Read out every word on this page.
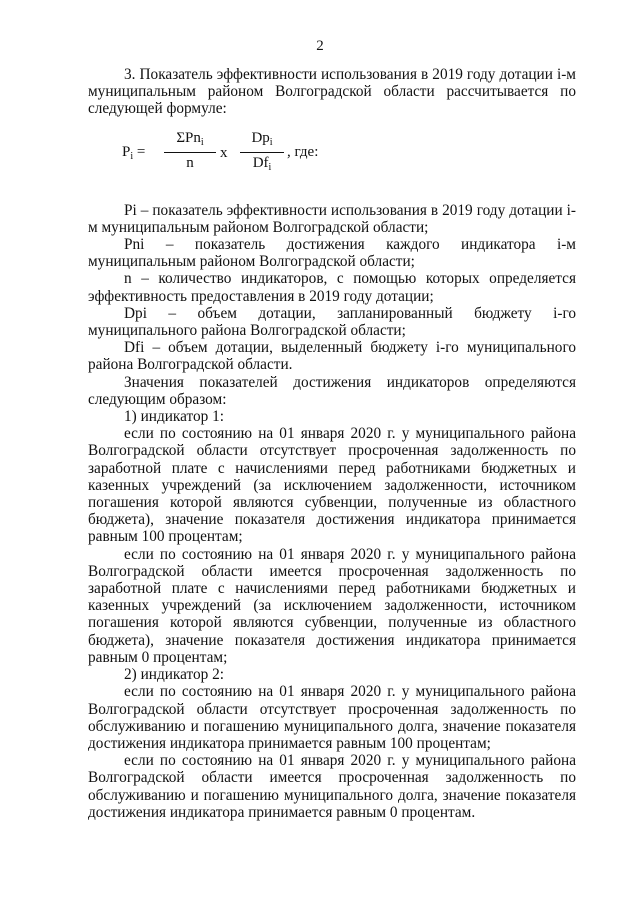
2

3. Показатель эффективности использования в 2019 году дотации i-м муниципальным районом Волгоградской области рассчитывается по следующей формуле:

$P_i$ =
ΣPn$_i$
n
x
$Dp_i$
$Df_i$
, где:

Pi – показатель эффективности использования в 2019 году дотации i-м муниципальным районом Волгоградской области;

Pni – показатель достижения каждого индикатора i-м муниципальным районом Волгоградской области;

n – количество индикаторов, с помощью которых определяется эффективность предоставления в 2019 году дотации;

Dpi – объем дотации, запланированный бюджету i-го муниципального района Волгоградской области;

Dfi – объем дотации, выделенный бюджету i-го муниципального района Волгоградской области.

Значения показателей достижения индикаторов определяются следующим образом:

1) индикатор 1:

если по состоянию на 01 января 2020 г. у муниципального района Волгоградской области отсутствует просроченная задолженность по заработной плате с начислениями перед работниками бюджетных и казенных учреждений (за исключением задолженности, источником погашения которой являются субвенции, полученные из областного бюджета), значение показателя достижения индикатора принимается равным 100 процентам;

если по состоянию на 01 января 2020 г. у муниципального района Волгоградской области имеется просроченная задолженность по заработной плате с начислениями перед работниками бюджетных и казенных учреждений (за исключением задолженности, источником погашения которой являются субвенции, полученные из областного бюджета), значение показателя достижения индикатора принимается равным 0 процентам;

2) индикатор 2:

если по состоянию на 01 января 2020 г. у муниципального района Волгоградской области отсутствует просроченная задолженность по обслуживанию и погашению муниципального долга, значение показателя достижения индикатора принимается равным 100 процентам;

если по состоянию на 01 января 2020 г. у муниципального района Волгоградской области имеется просроченная задолженность по обслуживанию и погашению муниципального долга, значение показателя достижения индикатора принимается равным 0 процентам.
